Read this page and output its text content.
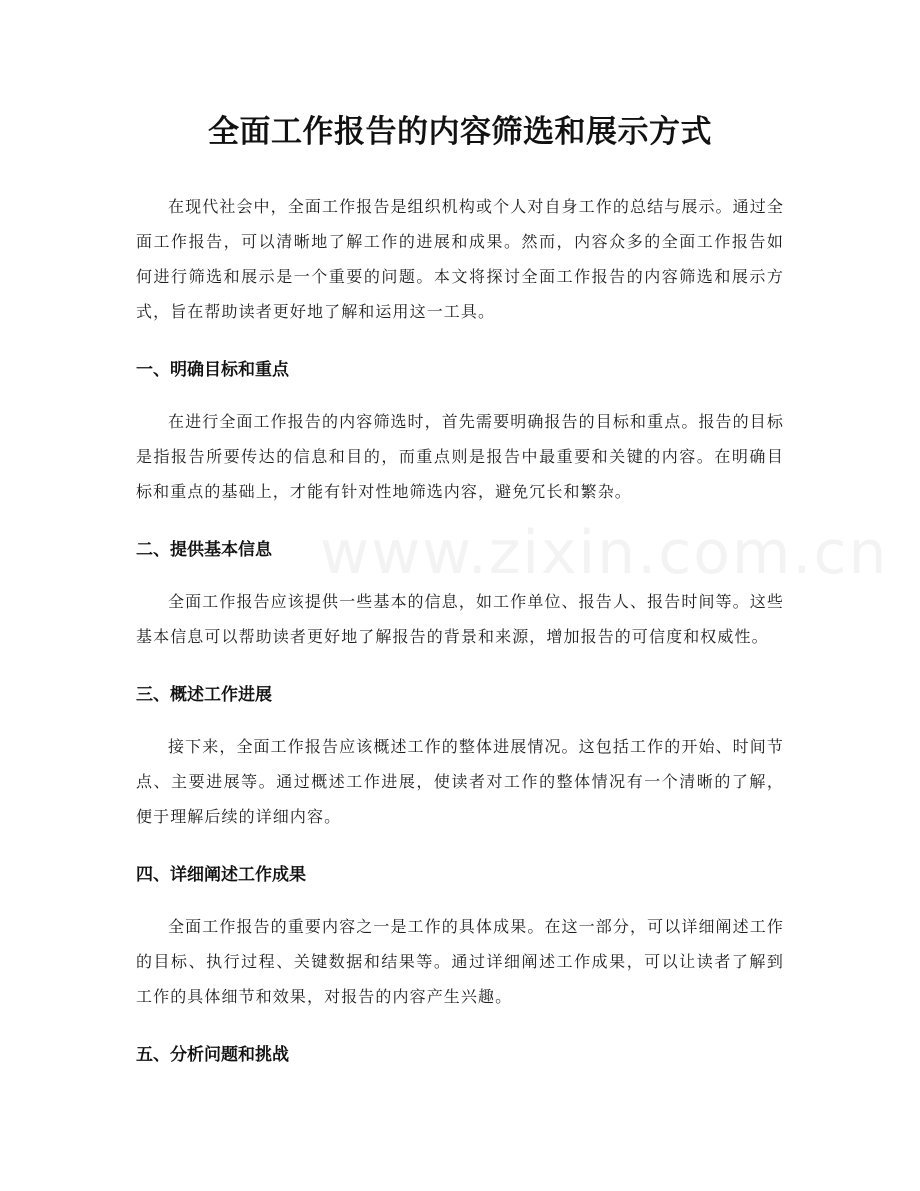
全面工作报告的内容筛选和展示方式

在现代社会中，全面工作报告是组织机构或个人对自身工作的总结与展示。通过全面工作报告，可以清晰地了解工作的进展和成果。然而，内容众多的全面工作报告如何进行筛选和展示是一个重要的问题。本文将探讨全面工作报告的内容筛选和展示方式，旨在帮助读者更好地了解和运用这一工具。

一、明确目标和重点

在进行全面工作报告的内容筛选时，首先需要明确报告的目标和重点。报告的目标是指报告所要传达的信息和目的，而重点则是报告中最重要和关键的内容。在明确目标和重点的基础上，才能有针对性地筛选内容，避免冗长和繁杂。

二、提供基本信息

全面工作报告应该提供一些基本的信息，如工作单位、报告人、报告时间等。这些基本信息可以帮助读者更好地了解报告的背景和来源，增加报告的可信度和权威性。

三、概述工作进展

接下来，全面工作报告应该概述工作的整体进展情况。这包括工作的开始、时间节点、主要进展等。通过概述工作进展，使读者对工作的整体情况有一个清晰的了解，便于理解后续的详细内容。

四、详细阐述工作成果

全面工作报告的重要内容之一是工作的具体成果。在这一部分，可以详细阐述工作的目标、执行过程、关键数据和结果等。通过详细阐述工作成果，可以让读者了解到工作的具体细节和效果，对报告的内容产生兴趣。

五、分析问题和挑战
www.zixin.com.cn
